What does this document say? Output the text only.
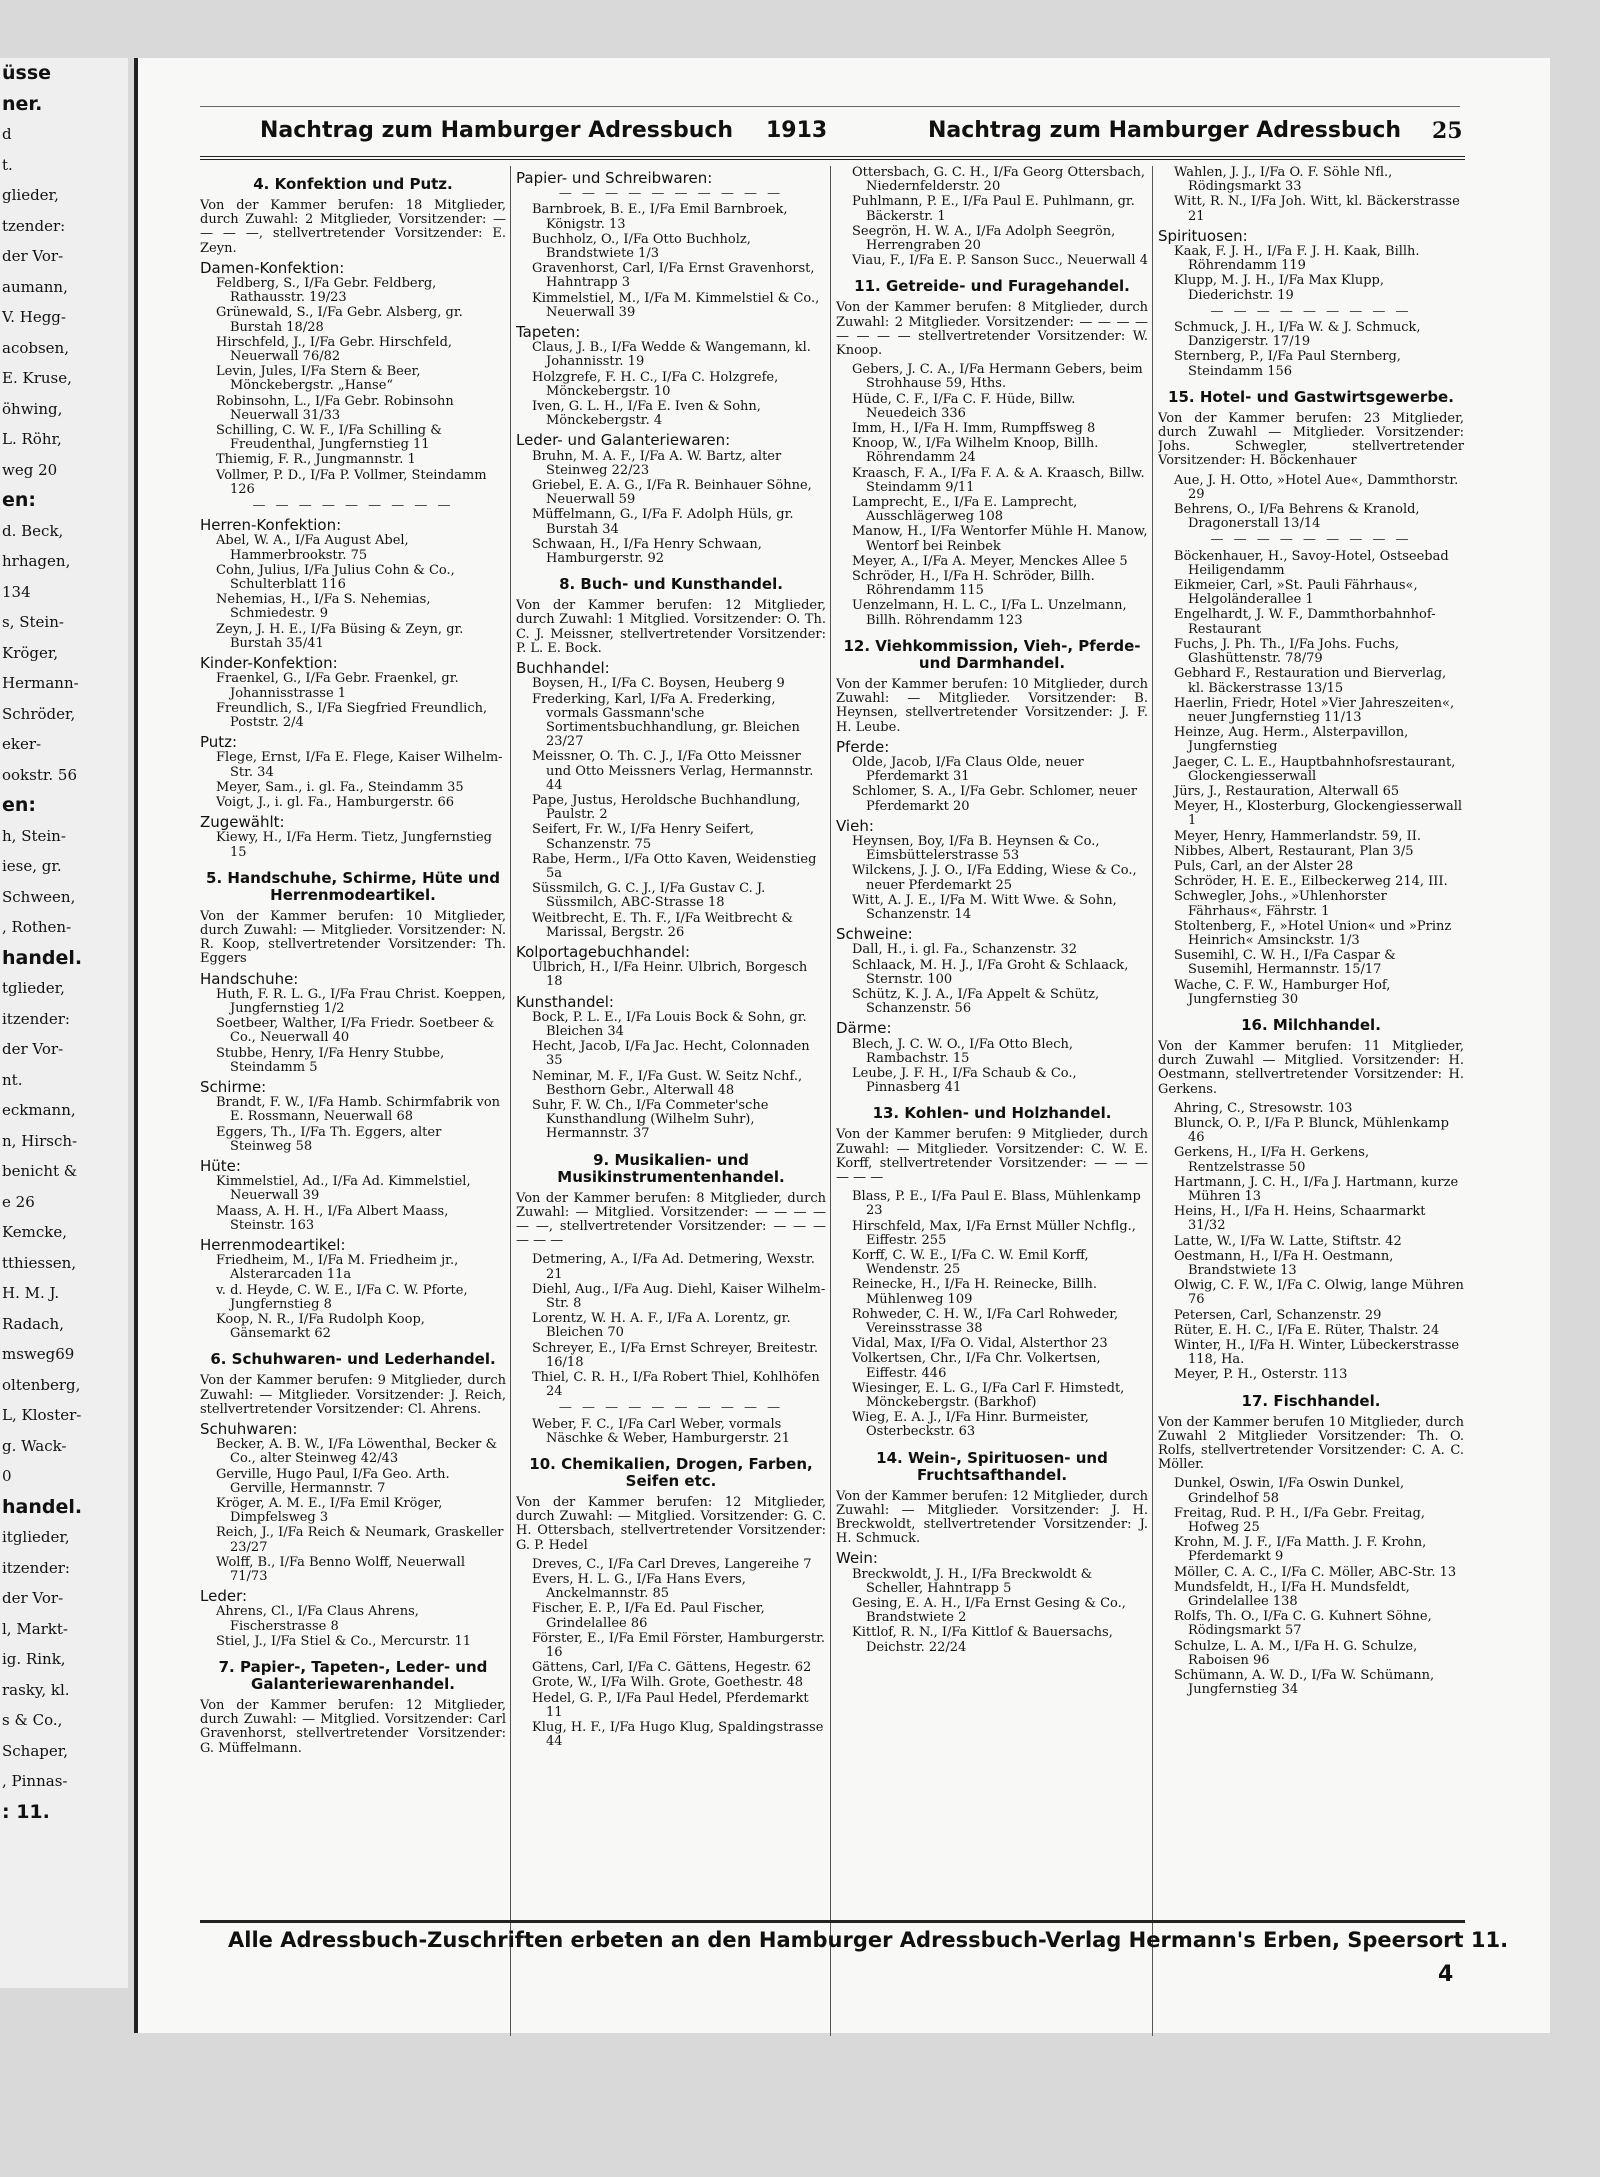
üsse
ner.
d
t.
glieder,
tzender:
der Vor-
aumann,
V. Hegg-
acobsen,
E. Kruse,
öhwing,
L. Röhr,
weg 20
en:
d. Beck,
hrhagen,
134
s, Stein-
Kröger,
Hermann-
Schröder,
eker-
ookstr. 56
en:
h, Stein-
iese, gr.
Schween,
, Rothen-
handel.
tglieder,
itzender:
der Vor-
nt.
eckmann,
n, Hirsch-
benicht &
e 26
Kemcke,
tthiessen,
H. M. J.
Radach,
msweg69
oltenberg,
L, Kloster-
g. Wack-
0
handel.
itglieder,
itzender:
der Vor-
l, Markt-
ig. Rink,
rasky, kl.
s & Co.,
Schaper,
, Pinnas-
: 11.
Nachtrag zum Hamburger Adressbuch 1913	Nachtrag zum Hamburger Adressbuch 25
4. Konfektion und Putz.
Von der Kammer berufen: 18 Mitglieder, durch Zuwahl: 2 Mitglieder, Vorsitzender: — — — —, stellvertretender Vorsitzender: E. Zeyn.
Damen-Konfektion:
Feldberg, S., I/Fa Gebr. Feldberg, Rathausstr. 19/23
Grünewald, S., I/Fa Gebr. Alsberg, gr. Burstah 18/28
Hirschfeld, J., I/Fa Gebr. Hirschfeld, Neuerwall 76/82
Levin, Jules, I/Fa Stern & Beer, Mönckebergstr. „Hanse“
Robinsohn, L., I/Fa Gebr. Robinsohn Neuerwall 31/33
Schilling, C. W. F., I/Fa Schilling & Freudenthal, Jungfernstieg 11
Thiemig, F. R., Jungmannstr. 1
Vollmer, P. D., I/Fa P. Vollmer, Steindamm 126
— — — — — — — — —
Herren-Konfektion:
Abel, W. A., I/Fa August Abel, Hammerbrookstr. 75
Cohn, Julius, I/Fa Julius Cohn & Co., Schulterblatt 116
Nehemias, H., I/Fa S. Nehemias, Schmiedestr. 9
Zeyn, J. H. E., I/Fa Büsing & Zeyn, gr. Burstah 35/41
Kinder-Konfektion:
Fraenkel, G., I/Fa Gebr. Fraenkel, gr. Johannisstrasse 1
Freundlich, S., I/Fa Siegfried Freundlich, Poststr. 2/4
Putz:
Flege, Ernst, I/Fa E. Flege, Kaiser Wilhelm-Str. 34
Meyer, Sam., i. gl. Fa., Steindamm 35
Voigt, J., i. gl. Fa., Hamburgerstr. 66
Zugewählt:
Kiewy, H., I/Fa Herm. Tietz, Jungfernstieg 15
5. Handschuhe, Schirme, Hüte und Herrenmodeartikel.
Von der Kammer berufen: 10 Mitglieder, durch Zuwahl: — Mitglieder. Vorsitzender: N. R. Koop, stellvertretender Vorsitzender: Th. Eggers
Handschuhe:
Huth, F. R. L. G., I/Fa Frau Christ. Koeppen, Jungfernstieg 1/2
Soetbeer, Walther, I/Fa Friedr. Soetbeer & Co., Neuerwall 40
Stubbe, Henry, I/Fa Henry Stubbe, Steindamm 5
Schirme:
Brandt, F. W., I/Fa Hamb. Schirmfabrik von E. Rossmann, Neuerwall 68
Eggers, Th., I/Fa Th. Eggers, alter Steinweg 58
Hüte:
Kimmelstiel, Ad., I/Fa Ad. Kimmelstiel, Neuerwall 39
Maass, A. H. H., I/Fa Albert Maass, Steinstr. 163
Herrenmodeartikel:
Friedheim, M., I/Fa M. Friedheim jr., Alsterarcaden 11a
v. d. Heyde, C. W. E., I/Fa C. W. Pforte, Jungfernstieg 8
Koop, N. R., I/Fa Rudolph Koop, Gänsemarkt 62
6. Schuhwaren- und Lederhandel.
Von der Kammer berufen: 9 Mitglieder, durch Zuwahl: — Mitglieder. Vorsitzender: J. Reich, stellvertretender Vorsitzender: Cl. Ahrens.
Schuhwaren:
Becker, A. B. W., I/Fa Löwenthal, Becker & Co., alter Steinweg 42/43
Gerville, Hugo Paul, I/Fa Geo. Arth. Gerville, Hermannstr. 7
Kröger, A. M. E., I/Fa Emil Kröger, Dimpfelsweg 3
Reich, J., I/Fa Reich & Neumark, Graskeller 23/27
Wolff, B., I/Fa Benno Wolff, Neuerwall 71/73
Leder:
Ahrens, Cl., I/Fa Claus Ahrens, Fischerstrasse 8
Stiel, J., I/Fa Stiel & Co., Mercurstr. 11
7. Papier-, Tapeten-, Leder- und Galanteriewarenhandel.
Von der Kammer berufen: 12 Mitglieder, durch Zuwahl: — Mitglied. Vorsitzender: Carl Gravenhorst, stellvertretender Vorsitzender: G. Müffelmann.
Papier- und Schreibwaren:
— — — — — — — — — —
Barnbroek, B. E., I/Fa Emil Barnbroek, Königstr. 13
Buchholz, O., I/Fa Otto Buchholz, Brandstwiete 1/3
Gravenhorst, Carl, I/Fa Ernst Gravenhorst, Hahntrapp 3
Kimmelstiel, M., I/Fa M. Kimmelstiel & Co., Neuerwall 39
Tapeten:
Claus, J. B., I/Fa Wedde & Wangemann, kl. Johannisstr. 19
Holzgrefe, F. H. C., I/Fa C. Holzgrefe, Mönckebergstr. 10
Iven, G. L. H., I/Fa E. Iven & Sohn, Mönckebergstr. 4
Leder- und Galanteriewaren:
Bruhn, M. A. F., I/Fa A. W. Bartz, alter Steinweg 22/23
Griebel, E. A. G., I/Fa R. Beinhauer Söhne, Neuerwall 59
Müffelmann, G., I/Fa F. Adolph Hüls, gr. Burstah 34
Schwaan, H., I/Fa Henry Schwaan, Hamburgerstr. 92
8. Buch- und Kunsthandel.
Von der Kammer berufen: 12 Mitglieder, durch Zuwahl: 1 Mitglied. Vorsitzender: O. Th. C. J. Meissner, stellvertretender Vorsitzender: P. L. E. Bock.
Buchhandel:
Boysen, H., I/Fa C. Boysen, Heuberg 9
Frederking, Karl, I/Fa A. Frederking, vormals Gassmann'sche Sortimentsbuchhandlung, gr. Bleichen 23/27
Meissner, O. Th. C. J., I/Fa Otto Meissner und Otto Meissners Verlag, Hermannstr. 44
Pape, Justus, Heroldsche Buchhandlung, Paulstr. 2
Seifert, Fr. W., I/Fa Henry Seifert, Schanzenstr. 75
Rabe, Herm., I/Fa Otto Kaven, Weidenstieg 5a
Süssmilch, G. C. J., I/Fa Gustav C. J. Süssmilch, ABC-Strasse 18
Weitbrecht, E. Th. F., I/Fa Weitbrecht & Marissal, Bergstr. 26
Kolportagebuchhandel:
Ulbrich, H., I/Fa Heinr. Ulbrich, Borgesch 18
Kunsthandel:
Bock, P. L. E., I/Fa Louis Bock & Sohn, gr. Bleichen 34
Hecht, Jacob, I/Fa Jac. Hecht, Colonnaden 35
Neminar, M. F., I/Fa Gust. W. Seitz Nchf., Besthorn Gebr., Alterwall 48
Suhr, F. W. Ch., I/Fa Commeter'sche Kunsthandlung (Wilhelm Suhr), Hermannstr. 37
9. Musikalien- und Musikinstrumentenhandel.
Von der Kammer berufen: 8 Mitglieder, durch Zuwahl: — Mitglied. Vorsitzender: — — — — — —, stellvertretender Vorsitzender: — — — — — —
Detmering, A., I/Fa Ad. Detmering, Wexstr. 21
Diehl, Aug., I/Fa Aug. Diehl, Kaiser Wilhelm-Str. 8
Lorentz, W. H. A. F., I/Fa A. Lorentz, gr. Bleichen 70
Schreyer, E., I/Fa Ernst Schreyer, Breitestr. 16/18
Thiel, C. R. H., I/Fa Robert Thiel, Kohlhöfen 24
— — — — — — — — — —
Weber, F. C., I/Fa Carl Weber, vormals Näschke & Weber, Hamburgerstr. 21
10. Chemikalien, Drogen, Farben, Seifen etc.
Von der Kammer berufen: 12 Mitglieder, durch Zuwahl: — Mitglied. Vorsitzender: G. C. H. Ottersbach, stellvertretender Vorsitzender: G. P. Hedel
Dreves, C., I/Fa Carl Dreves, Langereihe 7
Evers, H. L. G., I/Fa Hans Evers, Anckelmannstr. 85
Fischer, E. P., I/Fa Ed. Paul Fischer, Grindelallee 86
Förster, E., I/Fa Emil Förster, Hamburgerstr. 16
Gättens, Carl, I/Fa C. Gättens, Hegestr. 62
Grote, W., I/Fa Wilh. Grote, Goethestr. 48
Hedel, G. P., I/Fa Paul Hedel, Pferdemarkt 11
Klug, H. F., I/Fa Hugo Klug, Spaldingstrasse 44
Ottersbach, G. C. H., I/Fa Georg Ottersbach, Niedernfelderstr. 20
Puhlmann, P. E., I/Fa Paul E. Puhlmann, gr. Bäckerstr. 1
Seegrön, H. W. A., I/Fa Adolph Seegrön, Herrengraben 20
Viau, F., I/Fa E. P. Sanson Succ., Neuerwall 4
11. Getreide- und Furagehandel.
Von der Kammer berufen: 8 Mitglieder, durch Zuwahl: 2 Mitglieder. Vorsitzender: — — — — — — — — stellvertretender Vorsitzender: W. Knoop.
Gebers, J. C. A., I/Fa Hermann Gebers, beim Strohhause 59, Hths.
Hüde, C. F., I/Fa C. F. Hüde, Billw. Neuedeich 336
Imm, H., I/Fa H. Imm, Rumpffsweg 8
Knoop, W., I/Fa Wilhelm Knoop, Billh. Röhrendamm 24
Kraasch, F. A., I/Fa F. A. & A. Kraasch, Billw. Steindamm 9/11
Lamprecht, E., I/Fa E. Lamprecht, Ausschlägerweg 108
Manow, H., I/Fa Wentorfer Mühle H. Manow, Wentorf bei Reinbek
Meyer, A., I/Fa A. Meyer, Menckes Allee 5
Schröder, H., I/Fa H. Schröder, Billh. Röhrendamm 115
Uenzelmann, H. L. C., I/Fa L. Unzelmann, Billh. Röhrendamm 123
12. Viehkommission, Vieh-, Pferde- und Darmhandel.
Von der Kammer berufen: 10 Mitglieder, durch Zuwahl: — Mitglieder. Vorsitzender: B. Heynsen, stellvertretender Vorsitzender: J. F. H. Leube.
Pferde:
Olde, Jacob, I/Fa Claus Olde, neuer Pferdemarkt 31
Schlomer, S. A., I/Fa Gebr. Schlomer, neuer Pferdemarkt 20
Vieh:
Heynsen, Boy, I/Fa B. Heynsen & Co., Eimsbüttelerstrasse 53
Wilckens, J. J. O., I/Fa Edding, Wiese & Co., neuer Pferdemarkt 25
Witt, A. J. E., I/Fa M. Witt Wwe. & Sohn, Schanzenstr. 14
Schweine:
Dall, H., i. gl. Fa., Schanzenstr. 32
Schlaack, M. H. J., I/Fa Groht & Schlaack, Sternstr. 100
Schütz, K. J. A., I/Fa Appelt & Schütz, Schanzenstr. 56
Därme:
Blech, J. C. W. O., I/Fa Otto Blech, Rambachstr. 15
Leube, J. F. H., I/Fa Schaub & Co., Pinnasberg 41
13. Kohlen- und Holzhandel.
Von der Kammer berufen: 9 Mitglieder, durch Zuwahl: — Mitglieder. Vorsitzender: C. W. E. Korff, stellvertretender Vorsitzender: — — — — — —
Blass, P. E., I/Fa Paul E. Blass, Mühlenkamp 23
Hirschfeld, Max, I/Fa Ernst Müller Nchflg., Eiffestr. 255
Korff, C. W. E., I/Fa C. W. Emil Korff, Wendenstr. 25
Reinecke, H., I/Fa H. Reinecke, Billh. Mühlenweg 109
Rohweder, C. H. W., I/Fa Carl Rohweder, Vereinsstrasse 38
Vidal, Max, I/Fa O. Vidal, Alsterthor 23
Volkertsen, Chr., I/Fa Chr. Volkertsen, Eiffestr. 446
Wiesinger, E. L. G., I/Fa Carl F. Himstedt, Mönckebergstr. (Barkhof)
Wieg, E. A. J., I/Fa Hinr. Burmeister, Osterbeckstr. 63
14. Wein-, Spirituosen- und Fruchtsafthandel.
Von der Kammer berufen: 12 Mitglieder, durch Zuwahl: — Mitglieder. Vorsitzender: J. H. Breckwoldt, stellvertretender Vorsitzender: J. H. Schmuck.
Wein:
Breckwoldt, J. H., I/Fa Breckwoldt & Scheller, Hahntrapp 5
Gesing, E. A. H., I/Fa Ernst Gesing & Co., Brandstwiete 2
Kittlof, R. N., I/Fa Kittlof & Bauersachs, Deichstr. 22/24
Wahlen, J. J., I/Fa O. F. Söhle Nfl., Rödingsmarkt 33
Witt, R. N., I/Fa Joh. Witt, kl. Bäckerstrasse 21
Spirituosen:
Kaak, F. J. H., I/Fa F. J. H. Kaak, Billh. Röhrendamm 119
Klupp, M. J. H., I/Fa Max Klupp, Diederichstr. 19
— — — — — — — — —
Schmuck, J. H., I/Fa W. & J. Schmuck, Danzigerstr. 17/19
Sternberg, P., I/Fa Paul Sternberg, Steindamm 156
15. Hotel- und Gastwirtsgewerbe.
Von der Kammer berufen: 23 Mitglieder, durch Zuwahl — Mitglieder. Vorsitzender: Johs. Schwegler, stellvertretender Vorsitzender: H. Böckenhauer
Aue, J. H. Otto, »Hotel Aue«, Dammthorstr. 29
Behrens, O., I/Fa Behrens & Kranold, Dragonerstall 13/14
— — — — — — — — —
Böckenhauer, H., Savoy-Hotel, Ostseebad Heiligendamm
Eikmeier, Carl, »St. Pauli Fährhaus«, Helgoländerallee 1
Engelhardt, J. W. F., Dammthorbahnhof-Restaurant
Fuchs, J. Ph. Th., I/Fa Johs. Fuchs, Glashüttenstr. 78/79
Gebhard F., Restauration und Bierverlag, kl. Bäckerstrasse 13/15
Haerlin, Friedr, Hotel »Vier Jahreszeiten«, neuer Jungfernstieg 11/13
Heinze, Aug. Herm., Alsterpavillon, Jungfernstieg
Jaeger, C. L. E., Hauptbahnhofsrestaurant, Glockengiesserwall
Jürs, J., Restauration, Alterwall 65
Meyer, H., Klosterburg, Glockengiesserwall 1
Meyer, Henry, Hammerlandstr. 59, II.
Nibbes, Albert, Restaurant, Plan 3/5
Puls, Carl, an der Alster 28
Schröder, H. E. E., Eilbeckerweg 214, III.
Schwegler, Johs., »Uhlenhorster Fährhaus«, Fährstr. 1
Stoltenberg, F., »Hotel Union« und »Prinz Heinrich« Amsinckstr. 1/3
Susemihl, C. W. H., I/Fa Caspar & Susemihl, Hermannstr. 15/17
Wache, C. F. W., Hamburger Hof, Jungfernstieg 30
16. Milchhandel.
Von der Kammer berufen: 11 Mitglieder, durch Zuwahl — Mitglied. Vorsitzender: H. Oestmann, stellvertretender Vorsitzender: H. Gerkens.
Ahring, C., Stresowstr. 103
Blunck, O. P., I/Fa P. Blunck, Mühlenkamp 46
Gerkens, H., I/Fa H. Gerkens, Rentzelstrasse 50
Hartmann, J. C. H., I/Fa J. Hartmann, kurze Mühren 13
Heins, H., I/Fa H. Heins, Schaarmarkt 31/32
Latte, W., I/Fa W. Latte, Stiftstr. 42
Oestmann, H., I/Fa H. Oestmann, Brandstwiete 13
Olwig, C. F. W., I/Fa C. Olwig, lange Mühren 76
Petersen, Carl, Schanzenstr. 29
Rüter, E. H. C., I/Fa E. Rüter, Thalstr. 24
Winter, H., I/Fa H. Winter, Lübeckerstrasse 118, Ha.
Meyer, P. H., Osterstr. 113
17. Fischhandel.
Von der Kammer berufen 10 Mitglieder, durch Zuwahl 2 Mitglieder Vorsitzender: Th. O. Rolfs, stellvertretender Vorsitzender: C. A. C. Möller.
Dunkel, Oswin, I/Fa Oswin Dunkel, Grindelhof 58
Freitag, Rud. P. H., I/Fa Gebr. Freitag, Hofweg 25
Krohn, M. J. F., I/Fa Matth. J. F. Krohn, Pferdemarkt 9
Möller, C. A. C., I/Fa C. Möller, ABC-Str. 13
Mundsfeldt, H., I/Fa H. Mundsfeldt, Grindelallee 138
Rolfs, Th. O., I/Fa C. G. Kuhnert Söhne, Rödingsmarkt 57
Schulze, L. A. M., I/Fa H. G. Schulze, Raboisen 96
Schümann, A. W. D., I/Fa W. Schümann, Jungfernstieg 34
Alle Adressbuch-Zuschriften erbeten an den Hamburger Adressbuch-Verlag Hermann's Erben, Speersort 11.
4
